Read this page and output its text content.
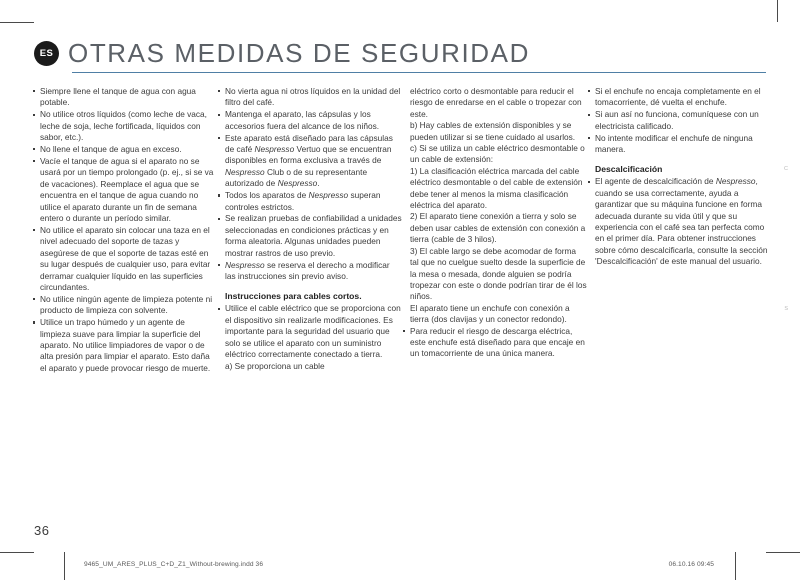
ES OTRAS MEDIDAS DE SEGURIDAD
Siempre llene el tanque de agua con agua potable.
No utilice otros líquidos (como leche de vaca, leche de soja, leche fortificada, líquidos con sabor, etc.).
No llene el tanque de agua en exceso.
Vacíe el tanque de agua si el aparato no se usará por un tiempo prolongado (p. ej., si se va de vacaciones). Reemplace el agua que se encuentra en el tanque de agua cuando no utilice el aparato durante un fin de semana entero o durante un período similar.
No utilice el aparato sin colocar una taza en el nivel adecuado del soporte de tazas y asegúrese de que el soporte de tazas esté en su lugar después de cualquier uso, para evitar derramar cualquier líquido en las superficies circundantes.
No utilice ningún agente de limpieza potente ni producto de limpieza con solvente.
Utilice un trapo húmedo y un agente de limpieza suave para limpiar la superficie del aparato. No utilice limpiadores de vapor o de alta presión para limpiar el aparato. Esto daña el aparato y puede provocar riesgo de muerte.
No vierta agua ni otros líquidos en la unidad del filtro del café.
Mantenga el aparato, las cápsulas y los accesorios fuera del alcance de los niños.
Este aparato está diseñado para las cápsulas de café Nespresso Vertuo que se encuentran disponibles en forma exclusiva a través de Nespresso Club o de su representante autorizado de Nespresso.
Todos los aparatos de Nespresso superan controles estrictos.
Se realizan pruebas de confiabilidad a unidades seleccionadas en condiciones prácticas y en forma aleatoria. Algunas unidades pueden mostrar rastros de uso previo.
Nespresso se reserva el derecho a modificar las instrucciones sin previo aviso.
Instrucciones para cables cortos.
Utilice el cable eléctrico que se proporciona con el dispositivo sin realizarle modificaciones. Es importante para la seguridad del usuario que solo se utilice el aparato con un suministro eléctrico correctamente conectado a tierra.
a) Se proporciona un cable
eléctrico corto o desmontable para reducir el riesgo de enredarse en el cable o tropezar con este.
b) Hay cables de extensión disponibles y se pueden utilizar si se tiene cuidado al usarlos.
c) Si se utiliza un cable eléctrico desmontable o un cable de extensión:
1) La clasificación eléctrica marcada del cable eléctrico desmontable o del cable de extensión debe tener al menos la misma clasificación eléctrica del aparato.
2) El aparato tiene conexión a tierra y solo se deben usar cables de extensión con conexión a tierra (cable de 3 hilos).
3) El cable largo se debe acomodar de forma tal que no cuelgue suelto desde la superficie de la mesa o mesada, donde alguien se podría tropezar con este o donde podrían tirar de él los niños.
El aparato tiene un enchufe con conexión a tierra (dos clavijas y un conector redondo).
Para reducir el riesgo de descarga eléctrica, este enchufe está diseñado para que encaje en un tomacorriente de una única manera.
Si el enchufe no encaja completamente en el tomacorriente, dé vuelta el enchufe.
Si aun así no funciona, comuníquese con un electricista calificado.
No intente modificar el enchufe de ninguna manera.
Descalcificación
El agente de descalcificación de Nespresso, cuando se usa correctamente, ayuda a garantizar que su máquina funcione en forma adecuada durante su vida útil y que su experiencia con el café sea tan perfecta como en el primer día. Para obtener instrucciones sobre cómo descalcificarla, consulte la sección 'Descalcificación' de este manual del usuario.
36
C
S
9465_UM_ARES_PLUS_C+D_Z1_Without-brewing.indd 36	06.10.16 09:45
